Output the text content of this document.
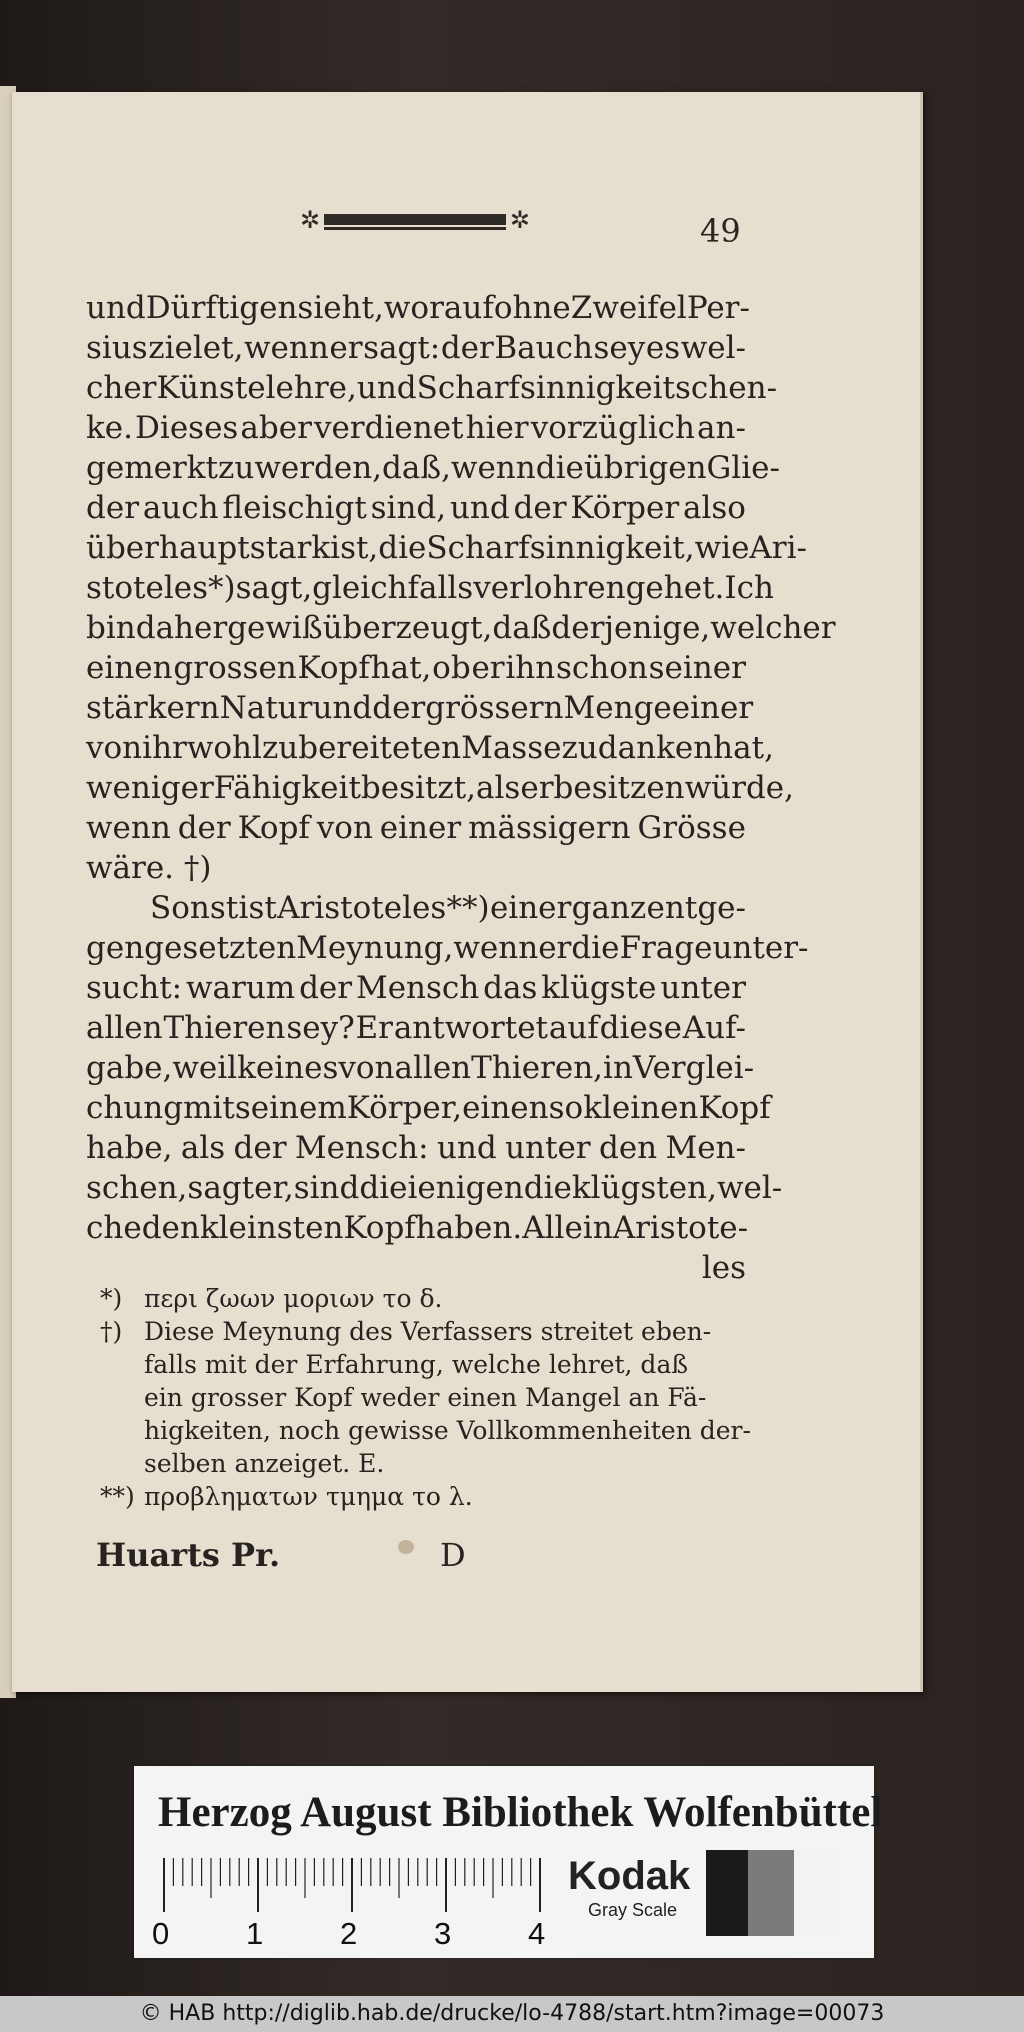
✲	✲	49
und Dürftigen sieht, worauf ohne Zweifel Per-
sius zielet, wenn er sagt: der Bauch sey es wel-
cher Künste lehre, und Scharfsinnigkeit schen-
ke. Dieses aber verdienet hier vorzüglich an-
gemerkt zu werden, daß, wenn die übrigen Glie-
der auch fleischigt sind, und der Körper also
überhaupt stark ist, die Scharfsinnigkeit, wie Ari-
stoteles *) sagt, gleichfalls verlohren gehet. Ich
bin daher gewiß überzeugt, daß derjenige, welcher
einen grossen Kopf hat, ob er ihn schon seiner
stärkern Natur und der grössern Menge einer
von ihr wohl zubereiteten Masse zu danken hat,
weniger Fähigkeit besitzt, als er besitzen würde,
wenn der Kopf von einer mässigern Grösse
wäre. †)
Sonst ist Aristoteles **) einer ganz entge-
gengesetzten Meynung, wenn er die Frage unter-
sucht: warum der Mensch das klügste unter
allen Thieren sey? Er antwortet auf diese Auf-
gabe, weil keines von allen Thieren, in Verglei-
chung mit seinem Körper, einen so kleinen Kopf
habe, als der Mensch: und unter den Men-
schen, sagt er, sind dieienigen die klügsten, wel-
che den kleinsten Kopf haben. Allein Aristote-
les
*) περι ζωων μοριων το δ.
†) Diese Meynung des Verfassers streitet eben-
falls mit der Erfahrung, welche lehret, daß
ein grosser Kopf weder einen Mangel an Fä-
higkeiten, noch gewisse Vollkommenheiten der-
selben anzeiget. E.
**) προβληματων τμημα το λ.
Huarts Pr.	D
Herzog August Bibliothek Wolfenbüttel
0 1 2 3 4
Kodak
Gray Scale
© HAB http://diglib.hab.de/drucke/lo-4788/start.htm?image=00073
